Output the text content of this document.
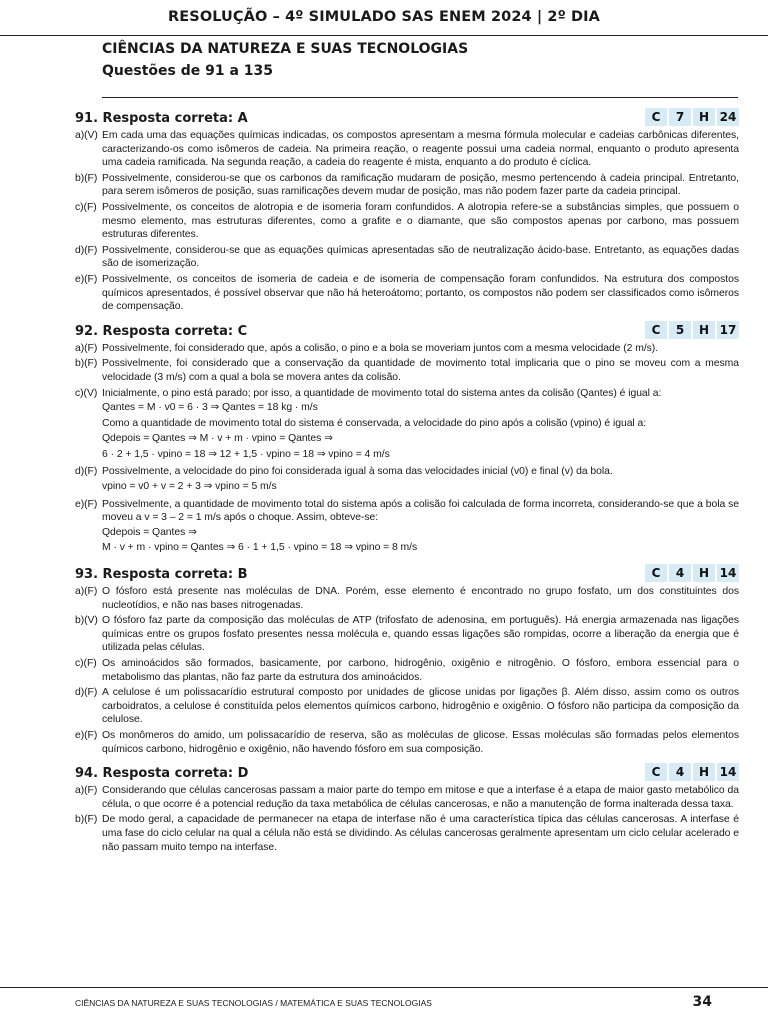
RESOLUÇÃO – 4º SIMULADO SAS ENEM 2024 | 2º DIA
CIÊNCIAS DA NATUREZA E SUAS TECNOLOGIAS
Questões de 91 a 135
91. Resposta correta: A	C	7	H 24
a)(V) Em cada uma das equações químicas indicadas, os compostos apresentam a mesma fórmula molecular e cadeias carbônicas diferentes, caracterizando-os como isômeros de cadeia. Na primeira reação, o reagente possui uma cadeia normal, enquanto o produto apresenta uma cadeia ramificada. Na segunda reação, a cadeia do reagente é mista, enquanto a do produto é cíclica.
b)(F) Possivelmente, considerou-se que os carbonos da ramificação mudaram de posição, mesmo pertencendo à cadeia principal. Entretanto, para serem isômeros de posição, suas ramificações devem mudar de posição, mas não podem fazer parte da cadeia principal.
c)(F) Possivelmente, os conceitos de alotropia e de isomeria foram confundidos. A alotropia refere-se a substâncias simples, que possuem o mesmo elemento, mas estruturas diferentes, como a grafite e o diamante, que são compostos apenas por carbono, mas possuem estruturas diferentes.
d)(F) Possivelmente, considerou-se que as equações químicas apresentadas são de neutralização ácido-base. Entretanto, as equações dadas são de isomerização.
e)(F) Possivelmente, os conceitos de isomeria de cadeia e de isomeria de compensação foram confundidos. Na estrutura dos compostos químicos apresentados, é possível observar que não há heteroátomo; portanto, os compostos não podem ser classificados como isômeros de compensação.
92. Resposta correta: C	C	5	H 17
a)(F) Possivelmente, foi considerado que, após a colisão, o pino e a bola se moveriam juntos com a mesma velocidade (2 m/s).
b)(F) Possivelmente, foi considerado que a conservação da quantidade de movimento total implicaria que o pino se moveu com a mesma velocidade (3 m/s) com a qual a bola se movera antes da colisão.
c)(V) Inicialmente, o pino está parado; por isso, a quantidade de movimento total do sistema antes da colisão (Qantes) é igual a:
Qantes = M · v0 = 6 · 3 ⇒ Qantes = 18 kg · m/s
Como a quantidade de movimento total do sistema é conservada, a velocidade do pino após a colisão (vpino) é igual a:
Qdepois = Qantes ⇒ M · v + m · vpino = Qantes ⇒
6 · 2 + 1,5 · vpino = 18 ⇒ 12 + 1,5 · vpino = 18 ⇒ vpino = 4 m/s
d)(F) Possivelmente, a velocidade do pino foi considerada igual à soma das velocidades inicial (v0) e final (v) da bola.
vpino = v0 + v = 2 + 3 ⇒ vpino = 5 m/s
e)(F) Possivelmente, a quantidade de movimento total do sistema após a colisão foi calculada de forma incorreta, considerando-se que a bola se moveu a v = 3 – 2 = 1 m/s após o choque. Assim, obteve-se:
Qdepois = Qantes ⇒
M · v + m · vpino = Qantes ⇒ 6 · 1 + 1,5 · vpino = 18 ⇒ vpino = 8 m/s
93. Resposta correta: B	C	4	H 14
a)(F) O fósforo está presente nas moléculas de DNA. Porém, esse elemento é encontrado no grupo fosfato, um dos constituintes dos nucleotídios, e não nas bases nitrogenadas.
b)(V) O fósforo faz parte da composição das moléculas de ATP (trifosfato de adenosina, em português). Há energia armazenada nas ligações químicas entre os grupos fosfato presentes nessa molécula e, quando essas ligações são rompidas, ocorre a liberação da energia que é utilizada pelas células.
c)(F) Os aminoácidos são formados, basicamente, por carbono, hidrogênio, oxigênio e nitrogênio. O fósforo, embora essencial para o metabolismo das plantas, não faz parte da estrutura dos aminoácidos.
d)(F) A celulose é um polissacarídio estrutural composto por unidades de glicose unidas por ligações β. Além disso, assim como os outros carboidratos, a celulose é constituída pelos elementos químicos carbono, hidrogênio e oxigênio. O fósforo não participa da composição da celulose.
e)(F) Os monômeros do amido, um polissacarídio de reserva, são as moléculas de glicose. Essas moléculas são formadas pelos elementos químicos carbono, hidrogênio e oxigênio, não havendo fósforo em sua composição.
94. Resposta correta: D	C	4	H 14
a)(F) Considerando que células cancerosas passam a maior parte do tempo em mitose e que a interfase é a etapa de maior gasto metabólico da célula, o que ocorre é a potencial redução da taxa metabólica de células cancerosas, e não a manutenção de forma inalterada dessa taxa.
b)(F) De modo geral, a capacidade de permanecer na etapa de interfase não é uma característica típica das células cancerosas. A interfase é uma fase do ciclo celular na qual a célula não está se dividindo. As células cancerosas geralmente apresentam um ciclo celular acelerado e não passam muito tempo na interfase.
CIÊNCIAS DA NATUREZA E SUAS TECNOLOGIAS / MATEMÁTICA E SUAS TECNOLOGIAS	34
